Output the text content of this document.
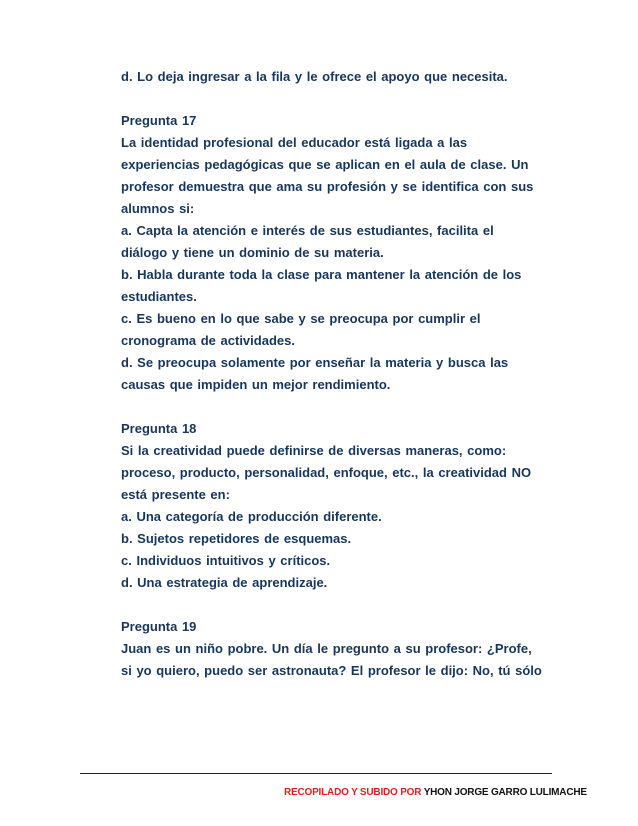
d. Lo deja ingresar a la fila y le ofrece el apoyo que necesita.
Pregunta 17
La identidad profesional del educador está ligada a las
experiencias pedagógicas que se aplican en el aula de clase. Un
profesor demuestra que ama su profesión y se identifica con sus
alumnos si:
a. Capta la atención e interés de sus estudiantes, facilita el
diálogo y tiene un dominio de su materia.
b. Habla durante toda la clase para mantener la atención de los
estudiantes.
c. Es bueno en lo que sabe y se preocupa por cumplir el
cronograma de actividades.
d. Se preocupa solamente por enseñar la materia y busca las
causas que impiden un mejor rendimiento.
Pregunta 18
Si la creatividad puede definirse de diversas maneras, como:
proceso, producto, personalidad, enfoque, etc., la creatividad NO
está presente en:
a. Una categoría de producción diferente.
b. Sujetos repetidores de esquemas.
c. Individuos intuitivos y críticos.
d. Una estrategia de aprendizaje.
Pregunta 19
Juan es un niño pobre. Un día le pregunto a su profesor: ¿Profe,
si yo quiero, puedo ser astronauta? El profesor le dijo: No, tú sólo
RECOPILADO Y SUBIDO POR YHON JORGE GARRO LULIMACHE
